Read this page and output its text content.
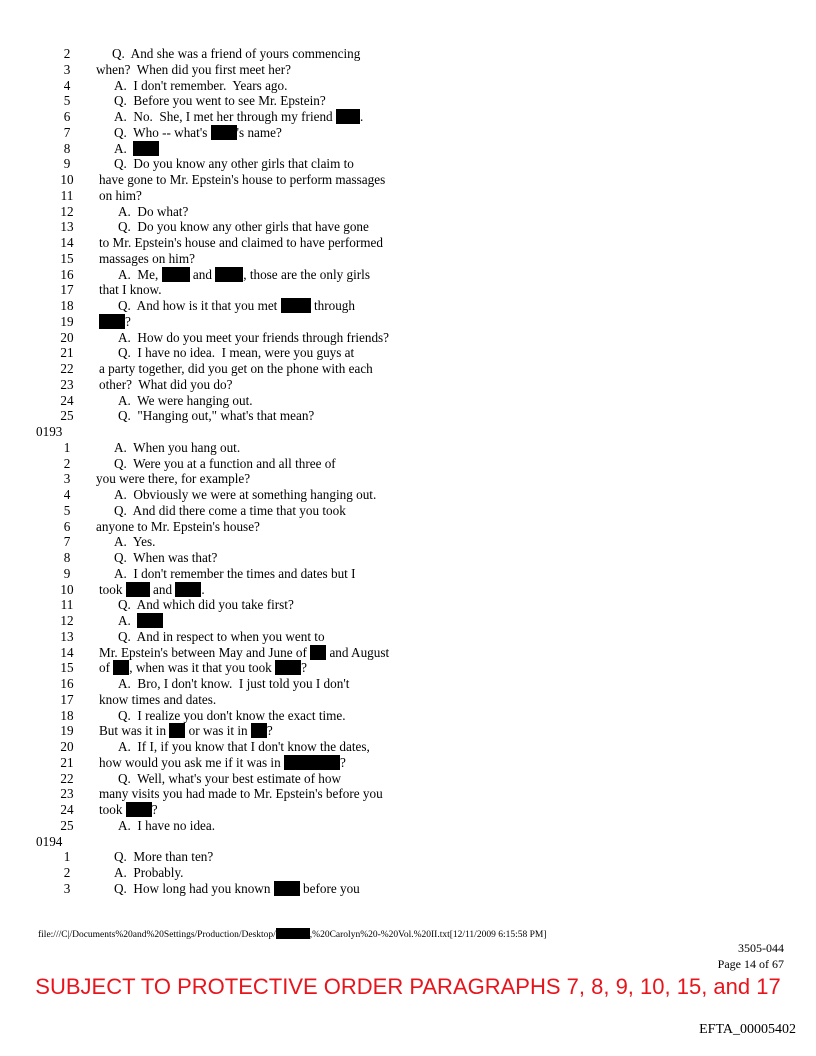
2	Q.  And she was a friend of yours commencing
3	when?  When did you first meet her?
4	A.  I don't remember.  Years ago.
5	Q.  Before you went to see Mr. Epstein?
6	A.  No.  She, I met her through my friend .
7	Q.  Who -- what's 's name?
8	A.
9	Q.  Do you know any other girls that claim to
10	have gone to Mr. Epstein's house to perform massages
11	on him?
12	A.  Do what?
13	Q.  Do you know any other girls that have gone
14	to Mr. Epstein's house and claimed to have performed
15	massages on him?
16	A.  Me,  and , those are the only girls
17	that I know.
18	Q.  And how is it that you met  through
19	?
20	A.  How do you meet your friends through friends?
21	Q.  I have no idea.  I mean, were you guys at
22	a party together, did you get on the phone with each
23	other?  What did you do?
24	A.  We were hanging out.
25	Q.  "Hanging out," what's that mean?
0193
1	A.  When you hang out.
2	Q.  Were you at a function and all three of
3	you were there, for example?
4	A.  Obviously we were at something hanging out.
5	Q.  And did there come a time that you took
6	anyone to Mr. Epstein's house?
7	A.  Yes.
8	Q.  When was that?
9	A.  I don't remember the times and dates but I
10	took  and .
11	Q.  And which did you take first?
12	A.
13	Q.  And in respect to when you went to
14	Mr. Epstein's between May and June of  and August
15	of , when was it that you took ?
16	A.  Bro, I don't know.  I just told you I don't
17	know times and dates.
18	Q.  I realize you don't know the exact time.
19	But was it in  or was it in ?
20	A.  If I, if you know that I don't know the dates,
21	how would you ask me if it was in	?
22	Q.  Well, what's your best estimate of how
23	many visits you had made to Mr. Epstein's before you
24	took ?
25	A.  I have no idea.
0194
1	Q.  More than ten?
2	A.  Probably.
3	Q.  How long had you known  before you
file:///C|/Documents%20and%20Settings/Production/Desktop/	,%20Carolyn%20-%20Vol.%20II.txt[12/11/2009 6:15:58 PM]
3505-044
Page 14 of 67
SUBJECT TO PROTECTIVE ORDER PARAGRAPHS 7, 8, 9, 10, 15, and 17
EFTA_00005402
